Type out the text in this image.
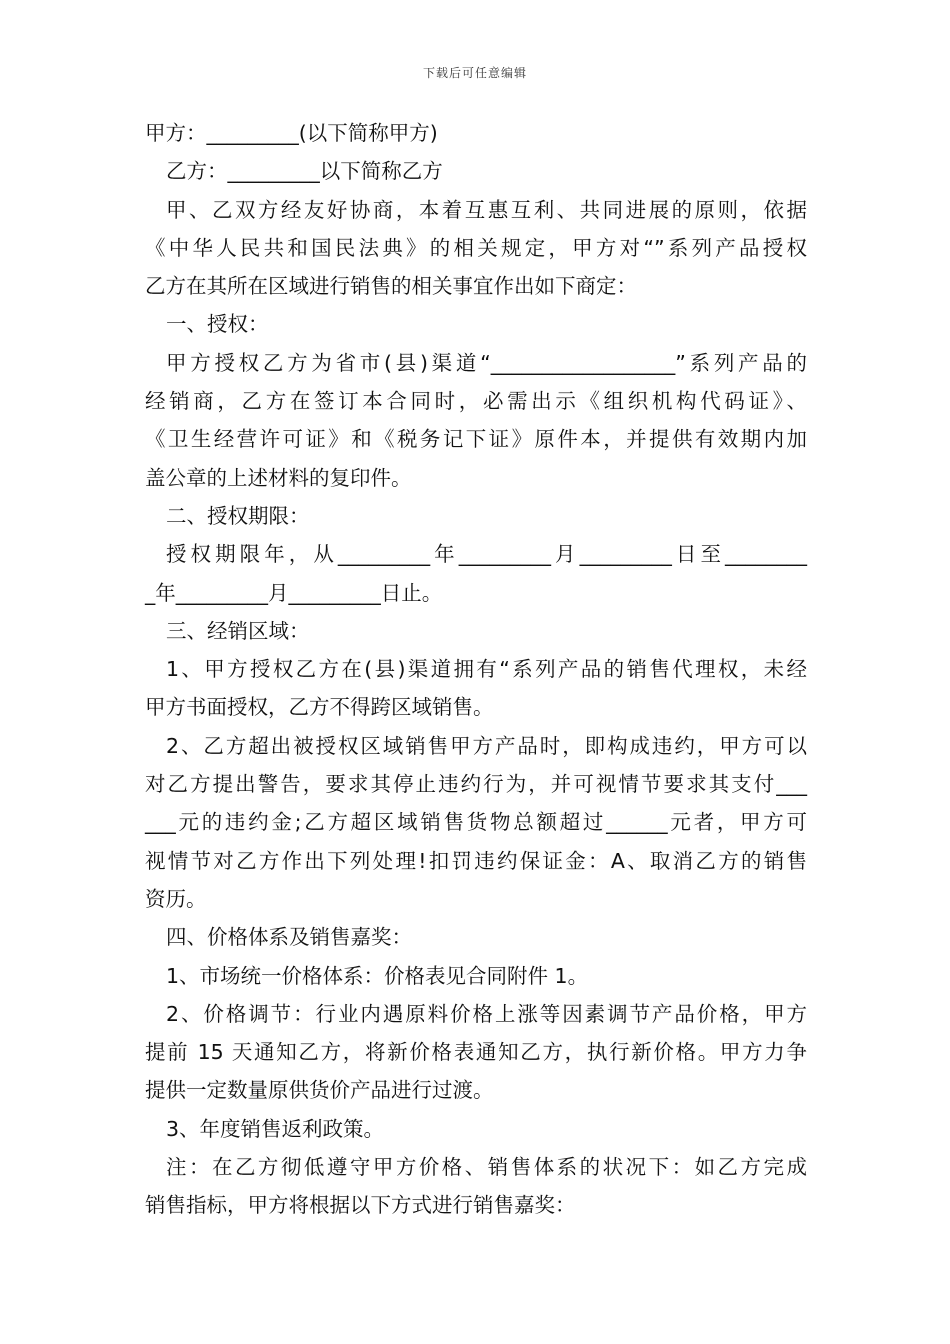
下载后可任意编辑
甲方：_________(以下简称甲方)
乙方：_________以下简称乙方
甲、乙双方经友好协商，本着互惠互利、共同进展的原则，依据
《中华人民共和国民法典》的相关规定，甲方对“”系列产品授权
乙方在其所在区域进行销售的相关事宜作出如下商定：
一、授权：
甲方授权乙方为省市(县)渠道“__________________”系列产品的
经销商，乙方在签订本合同时，必需出示《组织机构代码证》、
《卫生经营许可证》和《税务记下证》原件本，并提供有效期内加
盖公章的上述材料的复印件。
二、授权期限：
授权期限年，从_________年_________月_________日至________
_年_________月_________日止。
三、经销区域：
1、甲方授权乙方在(县)渠道拥有“系列产品的销售代理权，未经
甲方书面授权，乙方不得跨区域销售。
2、乙方超出被授权区域销售甲方产品时，即构成违约，甲方可以
对乙方提出警告，要求其停止违约行为，并可视情节要求其支付___
___元的违约金;乙方超区域销售货物总额超过______元者，甲方可
视情节对乙方作出下列处理!扣罚违约保证金：A、取消乙方的销售
资历。
四、价格体系及销售嘉奖：
1、市场统一价格体系：价格表见合同附件 1。
2、价格调节：行业内遇原料价格上涨等因素调节产品价格，甲方
提前 15 天通知乙方，将新价格表通知乙方，执行新价格。甲方力争
提供一定数量原供货价产品进行过渡。
3、年度销售返利政策。
注：在乙方彻低遵守甲方价格、销售体系的状况下：如乙方完成
销售指标，甲方将根据以下方式进行销售嘉奖：
